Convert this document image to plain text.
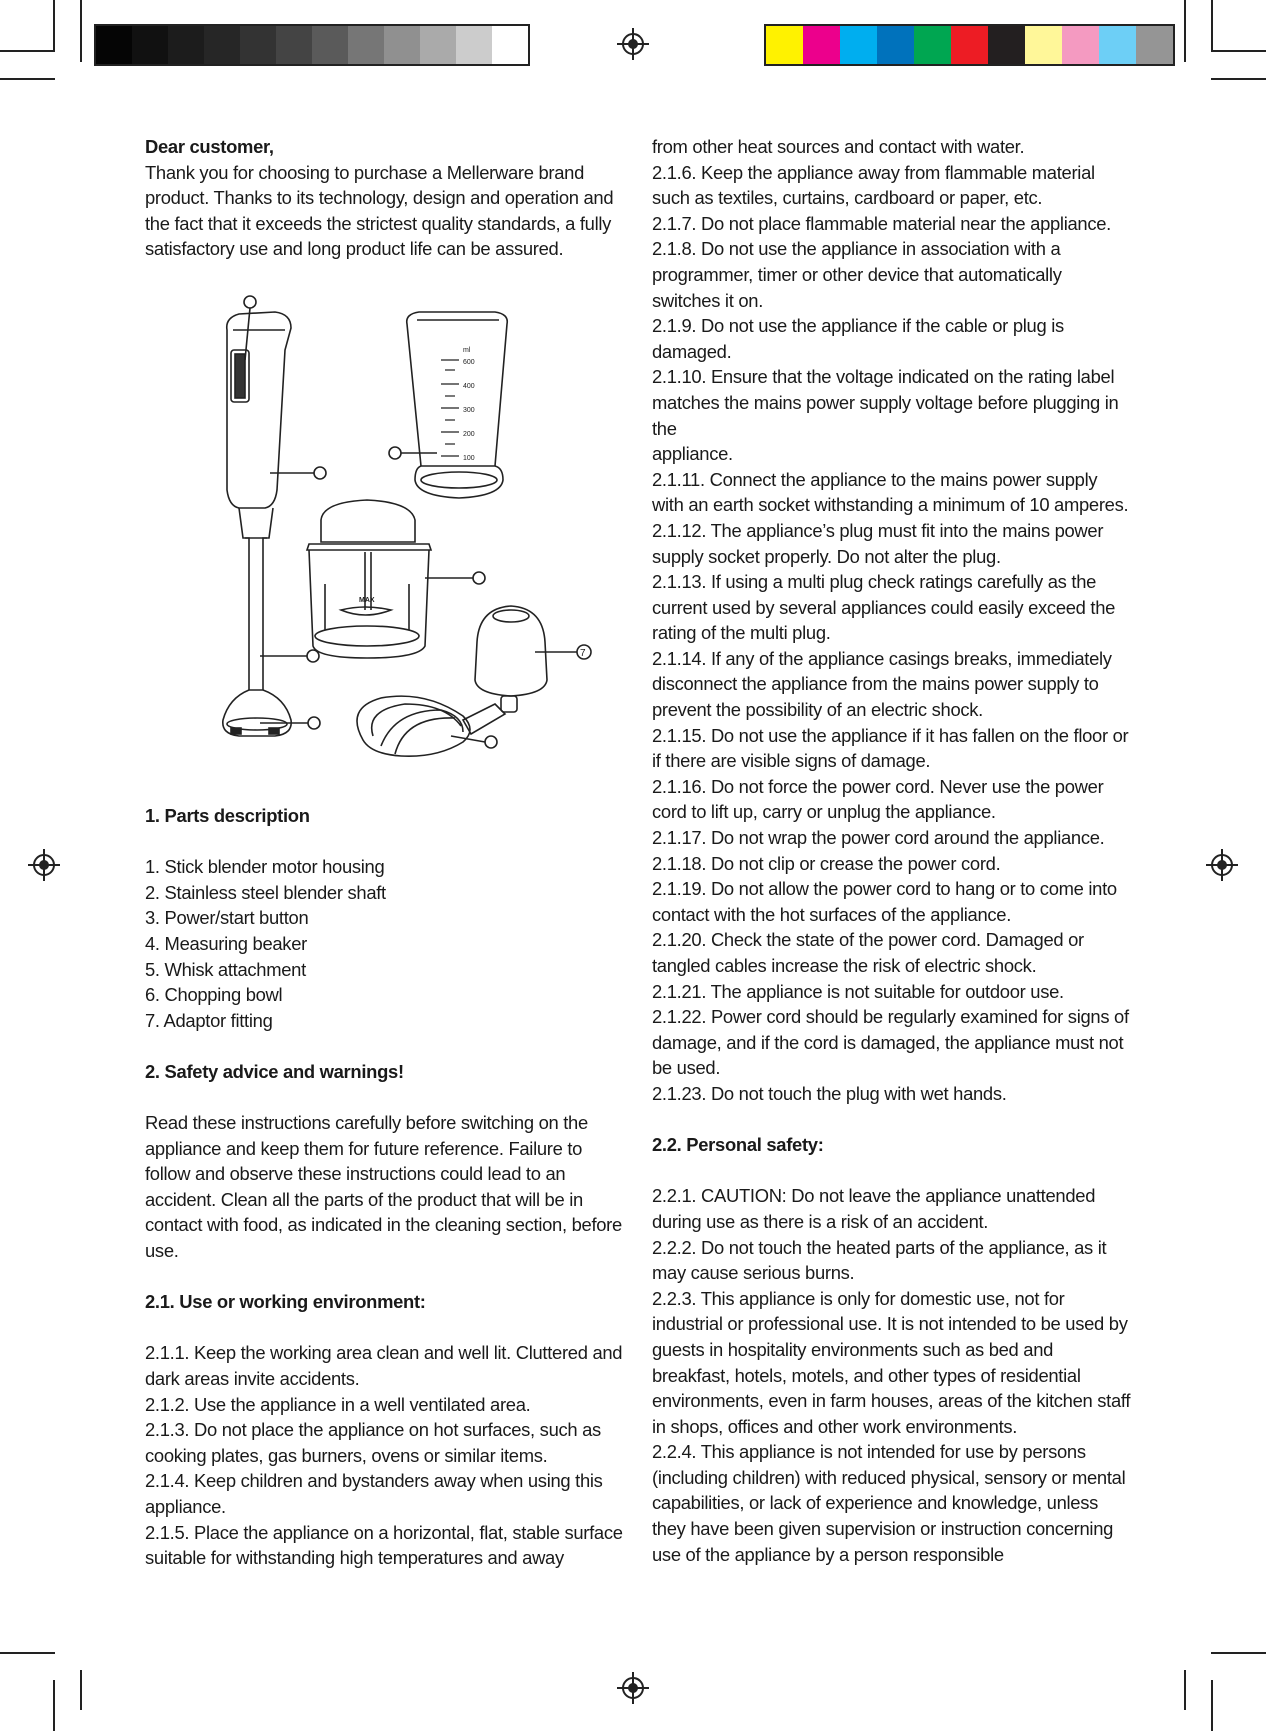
Dear customer,

Thank you for choosing to purchase a Mellerware brand product. Thanks to its technology, design and operation and the fact that it exceeds the strictest quality standards, a fully satisfactory use and long product life can be assured.

1. Parts description

1. Stick blender motor housing

2. Stainless steel blender shaft

3. Power/start button

4. Measuring beaker

5. Whisk attachment

6. Chopping bowl

7. Adaptor fitting

2. Safety advice and warnings!

Read these instructions carefully before switching on the appliance and keep them for future reference. Failure to follow and observe these instructions could lead to an accident. Clean all the parts of the product that will be in contact with food, as indicated in the cleaning section, before use.

2.1. Use or working environment:

2.1.1. Keep the working area clean and well lit. Cluttered and dark areas invite accidents.

2.1.2. Use the appliance in a well ventilated area.

2.1.3. Do not place the appliance on hot surfaces, such as cooking plates, gas burners, ovens or similar items.

2.1.4. Keep children and bystanders away when using this appliance.

2.1.5. Place the appliance on a horizontal, flat, stable surface suitable for withstanding high temperatures and away

from other heat sources and contact with water.

2.1.6. Keep the appliance away from flammable material such as textiles, curtains, cardboard or paper, etc.

2.1.7. Do not place flammable material near the appliance.

2.1.8. Do not use the appliance in association with a programmer, timer or other device that automatically switches it on.

2.1.9. Do not use the appliance if the cable or plug is damaged.

2.1.10. Ensure that the voltage indicated on the rating label matches the mains power supply voltage before plugging in the

appliance.

2.1.11. Connect the appliance to the mains power supply with an earth socket withstanding a minimum of 10 amperes.

2.1.12. The appliance’s plug must fit into the mains power supply socket properly. Do not alter the plug.

2.1.13. If using a multi plug check ratings carefully as the current used by several appliances could easily exceed the rating of the multi plug.

2.1.14. If any of the appliance casings breaks, immediately disconnect the appliance from the mains power supply to prevent the possibility of an electric shock.

2.1.15. Do not use the appliance if it has fallen on the floor or if there are visible signs of damage.

2.1.16. Do not force the power cord. Never use the power cord to lift up, carry or unplug the appliance.

2.1.17. Do not wrap the power cord around the appliance.

2.1.18. Do not clip or crease the power cord.

2.1.19. Do not allow the power cord to hang or to come into contact with the hot surfaces of the appliance.

2.1.20. Check the state of the power cord. Damaged or tangled cables increase the risk of electric shock.

2.1.21. The appliance is not suitable for outdoor use.

2.1.22. Power cord should be regularly examined for signs of damage, and if the cord is damaged, the appliance must not be used.

2.1.23. Do not touch the plug with wet hands.

2.2. Personal safety:

2.2.1. CAUTION: Do not leave the appliance unattended during use as there is a risk of an accident.

2.2.2. Do not touch the heated parts of the appliance, as it may cause serious burns.

2.2.3. This appliance is only for domestic use, not for industrial or professional use. It is not intended to be used by guests in hospitality environments such as bed and breakfast, hotels, motels, and other types of residential environments, even in farm houses, areas of the kitchen staff in shops, offices and other work environments.

2.2.4. This appliance is not intended for use by persons (including children) with reduced physical, sensory or mental capabilities, or lack of experience and knowledge, unless they have been given supervision or instruction concerning use of the appliance by a person responsible

ml
600
400
300
200
100
MAX
7
